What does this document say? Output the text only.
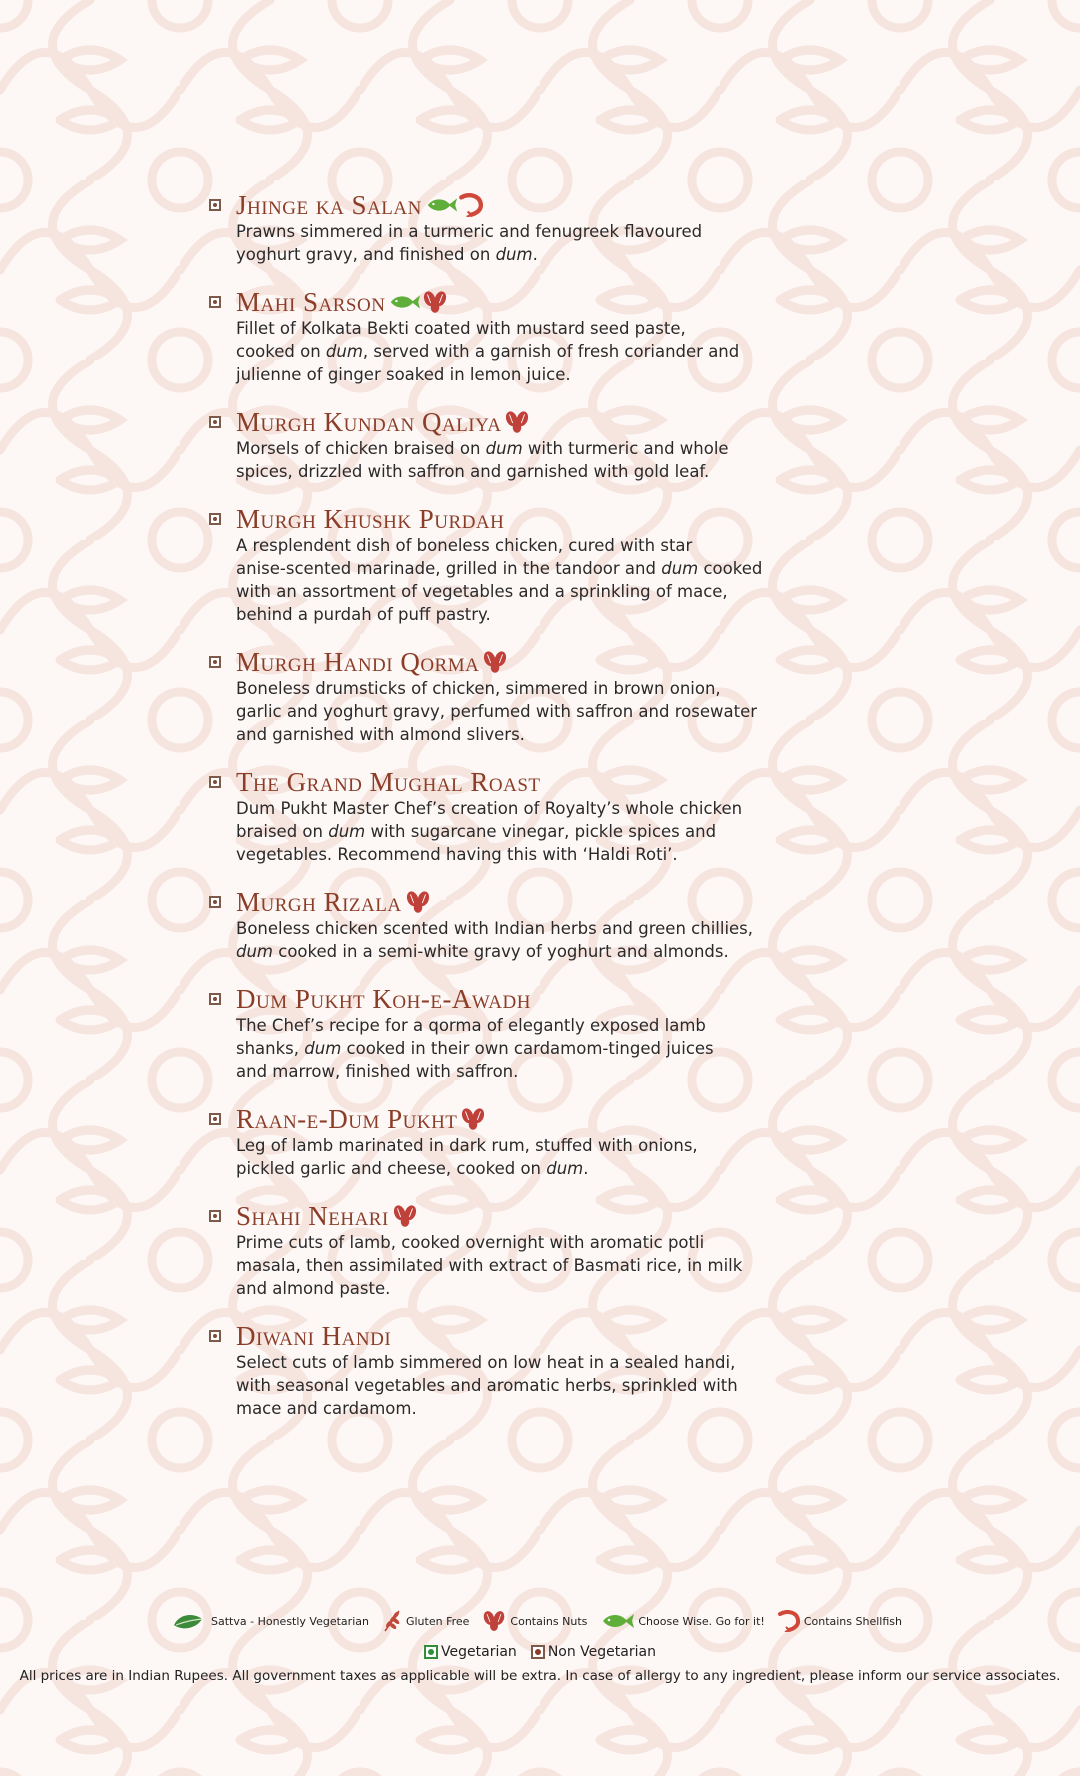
Jhinge ka Salan
Prawns simmered in a turmeric and fenugreek flavoured
yoghurt gravy, and finished on dum.
Mahi Sarson
Fillet of Kolkata Bekti coated with mustard seed paste,
cooked on dum, served with a garnish of fresh coriander and
julienne of ginger soaked in lemon juice.
Murgh Kundan Qaliya
Morsels of chicken braised on dum with turmeric and whole
spices, drizzled with saffron and garnished with gold leaf.
Murgh Khushk Purdah
A resplendent dish of boneless chicken, cured with star
anise-scented marinade, grilled in the tandoor and dum cooked
with an assortment of vegetables and a sprinkling of mace,
behind a purdah of puff pastry.
Murgh Handi Qorma
Boneless drumsticks of chicken, simmered in brown onion,
garlic and yoghurt gravy, perfumed with saffron and rosewater
and garnished with almond slivers.
The Grand Mughal Roast
Dum Pukht Master Chef’s creation of Royalty’s whole chicken
braised on dum with sugarcane vinegar, pickle spices and
vegetables. Recommend having this with ‘Haldi Roti’.
Murgh Rizala
Boneless chicken scented with Indian herbs and green chillies,
dum cooked in a semi-white gravy of yoghurt and almonds.
Dum Pukht Koh-e-Awadh
The Chef’s recipe for a qorma of elegantly exposed lamb
shanks, dum cooked in their own cardamom-tinged juices
and marrow, finished with saffron.
Raan-e-Dum Pukht
Leg of lamb marinated in dark rum, stuffed with onions,
pickled garlic and cheese, cooked on dum.
Shahi Nehari
Prime cuts of lamb, cooked overnight with aromatic potli
masala, then assimilated with extract of Basmati rice, in milk
and almond paste.
Diwani Handi
Select cuts of lamb simmered on low heat in a sealed handi,
with seasonal vegetables and aromatic herbs, sprinkled with
mace and cardamom.
Sattva - Honestly Vegetarian	Gluten Free	Contains Nuts	Choose Wise. Go for it!	Contains Shellfish
Vegetarian Non Vegetarian
All prices are in Indian Rupees. All government taxes as applicable will be extra. In case of allergy to any ingredient, please inform our service associates.
